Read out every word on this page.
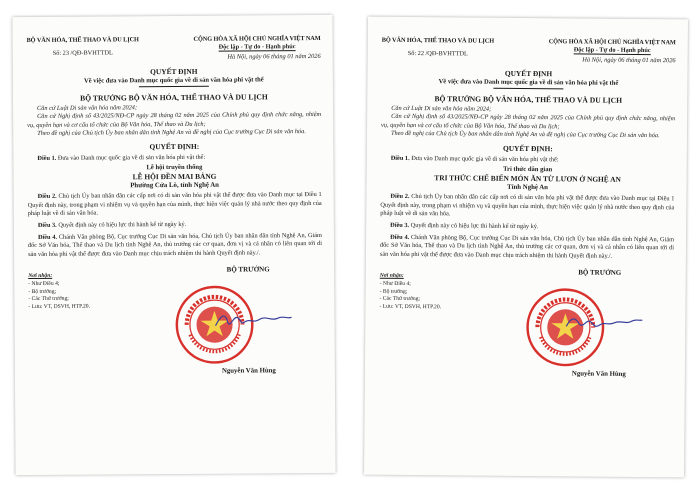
BỘ VĂN HÓA, THỂ THAO VÀ DU LỊCH
Số: 23 /QĐ-BVHTTDL
CỘNG HÒA XÃ HỘI CHỦ NGHĨA VIỆT NAM
Độc lập - Tự do - Hạnh phúc
Hà Nội, ngày 06 tháng 01 năm 2026
QUYẾT ĐỊNH
Về việc đưa vào Danh mục quốc gia về di sản văn hóa phi vật thể
BỘ TRƯỞNG BỘ VĂN HÓA, THỂ THAO VÀ DU LỊCH
Căn cứ Luật Di sản văn hóa năm 2024;
Căn cứ Nghị định số 43/2025/NĐ-CP ngày 28 tháng 02 năm 2025 của Chính phủ quy định chức năng, nhiệm vụ, quyền hạn và cơ cấu tổ chức của Bộ Văn hóa, Thể thao và Du lịch;
Theo đề nghị của Chủ tịch Ủy ban nhân dân tỉnh Nghệ An và đề nghị của Cục trưởng Cục Di sản văn hóa.
QUYẾT ĐỊNH:
Điều 1. Đưa vào Danh mục quốc gia về di sản văn hóa phi vật thể:
Lễ hội truyền thống
LỄ HỘI ĐỀN MAI BẢNG
Phường Cửa Lò, tỉnh Nghệ An
Điều 2. Chủ tịch Ủy ban nhân dân các cấp nơi có di sản văn hóa phi vật thể được đưa vào Danh mục tại Điều 1 Quyết định này, trong phạm vi nhiệm vụ và quyền hạn của mình, thực hiện việc quản lý nhà nước theo quy định của pháp luật về di sản văn hóa.
Điều 3. Quyết định này có hiệu lực thi hành kể từ ngày ký.
Điều 4. Chánh Văn phòng Bộ, Cục trưởng Cục Di sản văn hóa, Chủ tịch Ủy ban nhân dân tỉnh Nghệ An, Giám đốc Sở Văn hóa, Thể thao và Du lịch tỉnh Nghệ An, thủ trưởng các cơ quan, đơn vị và cá nhân có liên quan tới di sản văn hóa phi vật thể được đưa vào Danh mục chịu trách nhiệm thi hành Quyết định này./.
Nơi nhận:
- Như Điều 4;
- Bộ trưởng;
- Các Thứ trưởng;
- Lưu: VT, DSVH, HTP.20.
BỘ TRƯỞNG
Nguyễn Văn Hùng
BỘ VĂN HÓA, THỂ THAO VÀ DU LỊCH
Số: 22 /QĐ-BVHTTDL
CỘNG HÒA XÃ HỘI CHỦ NGHĨA VIỆT NAM
Độc lập - Tự do - Hạnh phúc
Hà Nội, ngày 06 tháng 01 năm 2026
QUYẾT ĐỊNH
Về việc đưa vào Danh mục quốc gia về di sản văn hóa phi vật thể
BỘ TRƯỞNG BỘ VĂN HÓA, THỂ THAO VÀ DU LỊCH
Căn cứ Luật Di sản văn hóa năm 2024;
Căn cứ Nghị định số 43/2025/NĐ-CP ngày 28 tháng 02 năm 2025 của Chính phủ quy định chức năng, nhiệm vụ, quyền hạn và cơ cấu tổ chức của Bộ Văn hóa, Thể thao và Du lịch;
Theo đề nghị của Chủ tịch Ủy ban nhân dân tỉnh Nghệ An và đề nghị của Cục trưởng Cục Di sản văn hóa.
QUYẾT ĐỊNH:
Điều 1. Đưa vào Danh mục quốc gia về di sản văn hóa phi vật thể:
Tri thức dân gian
TRI THỨC CHẾ BIẾN MÓN ĂN TỪ LƯƠN Ở NGHỆ AN
Tỉnh Nghệ An
Điều 2. Chủ tịch Ủy ban nhân dân các cấp nơi có di sản văn hóa phi vật thể được đưa vào Danh mục tại Điều 1 Quyết định này, trong phạm vi nhiệm vụ và quyền hạn của mình, thực hiện việc quản lý nhà nước theo quy định của pháp luật về di sản văn hóa.
Điều 3. Quyết định này có hiệu lực thi hành kể từ ngày ký.
Điều 4. Chánh Văn phòng Bộ, Cục trưởng Cục Di sản văn hóa, Chủ tịch Ủy ban nhân dân tỉnh Nghệ An, Giám đốc Sở Văn hóa, Thể thao và Du lịch tỉnh Nghệ An, thủ trưởng các cơ quan, đơn vị và cá nhân có liên quan tới di sản văn hóa phi vật thể được đưa vào Danh mục chịu trách nhiệm thi hành Quyết định này./.
Nơi nhận:
- Như Điều 4;
- Bộ trưởng;
- Các Thứ trưởng;
- Lưu: VT, DSVH, HTP.20.
BỘ TRƯỞNG
Nguyễn Văn Hùng
